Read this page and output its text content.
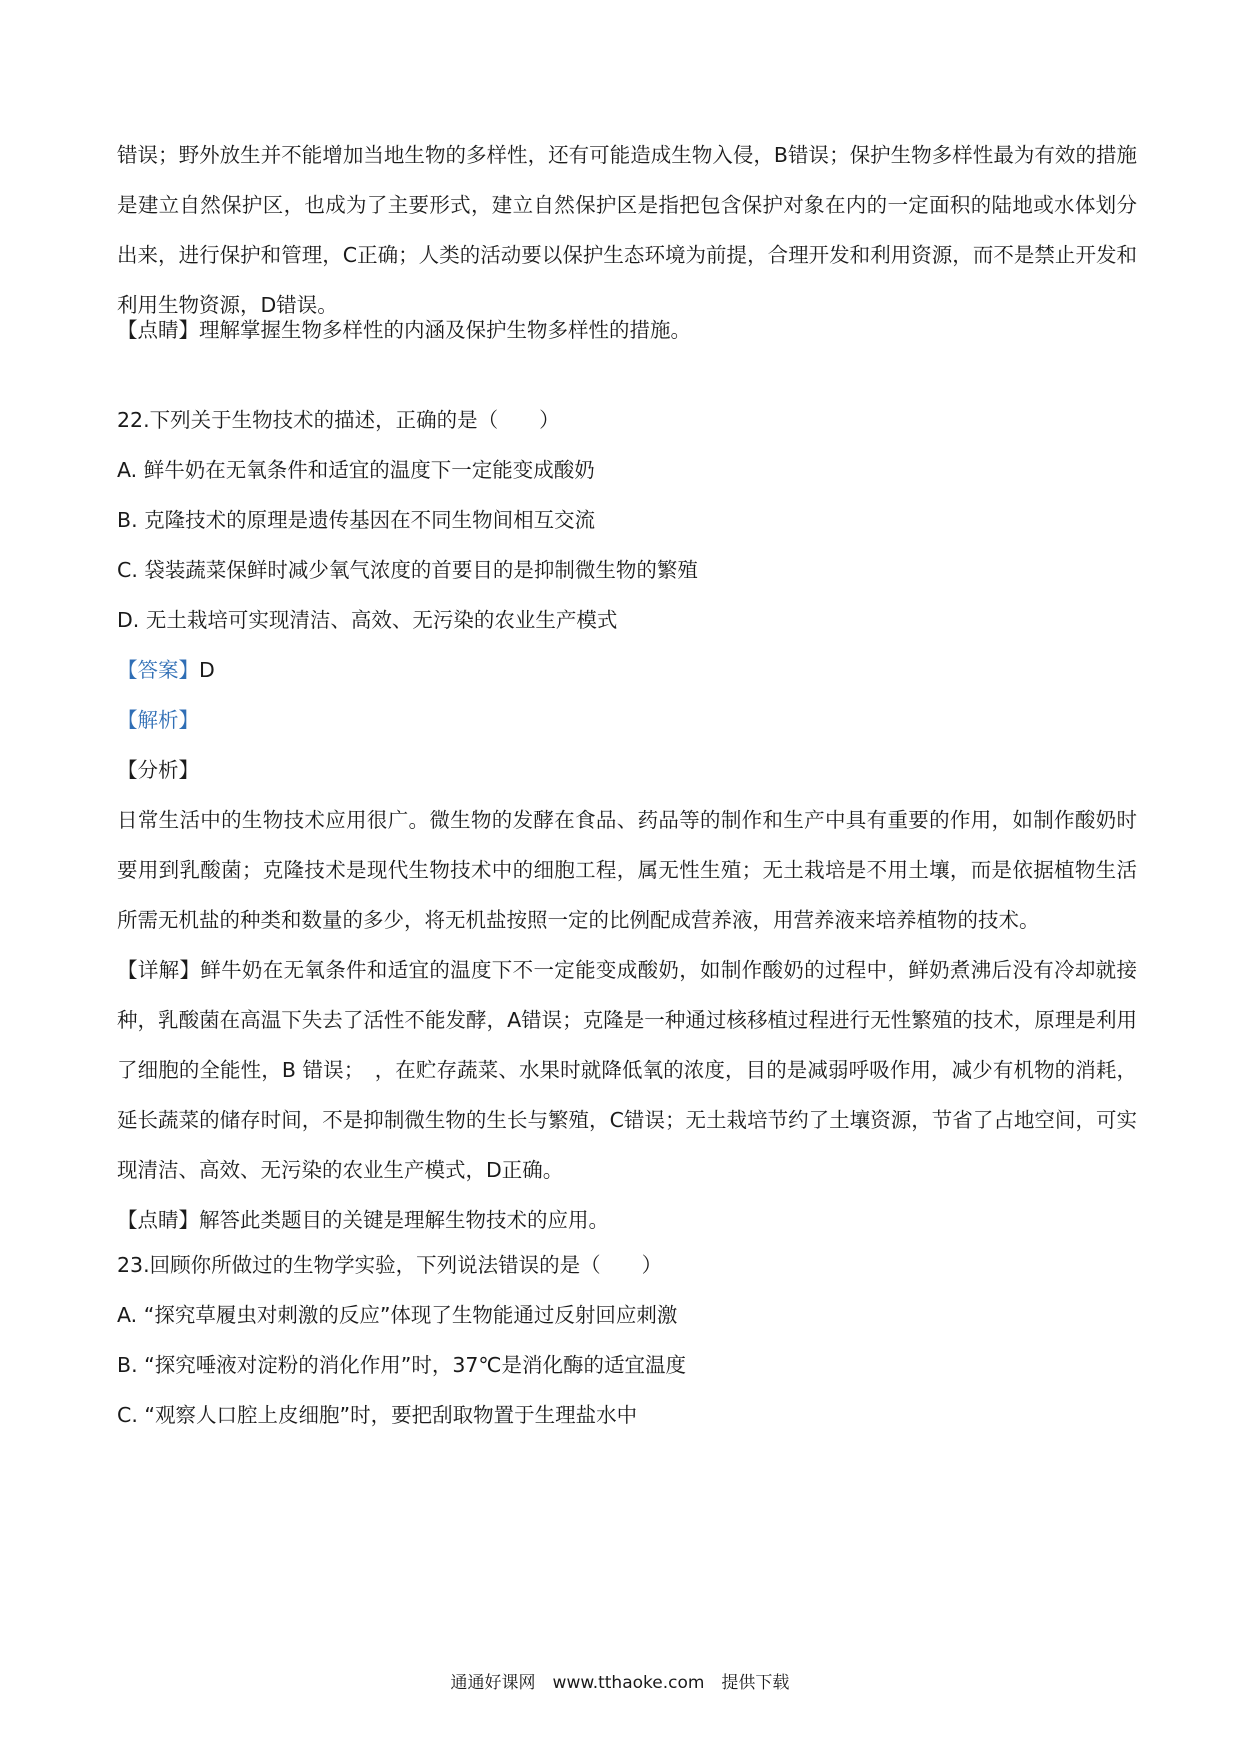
错误；野外放生并不能增加当地生物的多样性，还有可能造成生物入侵，B错误；保护生物多样性最为有效的措施是建立自然保护区，也成为了主要形式，建立自然保护区是指把包含保护对象在内的一定面积的陆地或水体划分出来，进行保护和管理，C正确；人类的活动要以保护生态环境为前提，合理开发和利用资源，而不是禁止开发和利用生物资源，D错误。

【点睛】理解掌握生物多样性的内涵及保护生物多样性的措施。

22.下列关于生物技术的描述，正确的是（　　）

A. 鲜牛奶在无氧条件和适宜的温度下一定能变成酸奶

B. 克隆技术的原理是遗传基因在不同生物间相互交流

C. 袋装蔬菜保鲜时减少氧气浓度的首要目的是抑制微生物的繁殖

D. 无土栽培可实现清洁、高效、无污染的农业生产模式

【答案】D

【解析】

【分析】

日常生活中的生物技术应用很广。微生物的发酵在食品、药品等的制作和生产中具有重要的作用，如制作酸奶时要用到乳酸菌；克隆技术是现代生物技术中的细胞工程，属无性生殖；无土栽培是不用土壤，而是依据植物生活所需无机盐的种类和数量的多少，将无机盐按照一定的比例配成营养液，用营养液来培养植物的技术。

【详解】鲜牛奶在无氧条件和适宜的温度下不一定能变成酸奶，如制作酸奶的过程中，鲜奶煮沸后没有冷却就接种，乳酸菌在高温下失去了活性不能发酵，A错误；克隆是一种通过核移植过程进行无性繁殖的技术，原理是利用了细胞的全能性，B 错误；　，在贮存蔬菜、水果时就降低氧的浓度，目的是减弱呼吸作用，减少有机物的消耗，延长蔬菜的储存时间，不是抑制微生物的生长与繁殖，C错误；无土栽培节约了土壤资源，节省了占地空间，可实现清洁、高效、无污染的农业生产模式，D正确。

【点睛】解答此类题目的关键是理解生物技术的应用。

23.回顾你所做过的生物学实验，下列说法错误的是（　　）

A. “探究草履虫对刺激的反应”体现了生物能通过反射回应刺激

B. “探究唾液对淀粉的消化作用”时，37℃是消化酶的适宜温度

C. “观察人口腔上皮细胞”时，要把刮取物置于生理盐水中

通通好课网　www.tthaoke.com　提供下载
